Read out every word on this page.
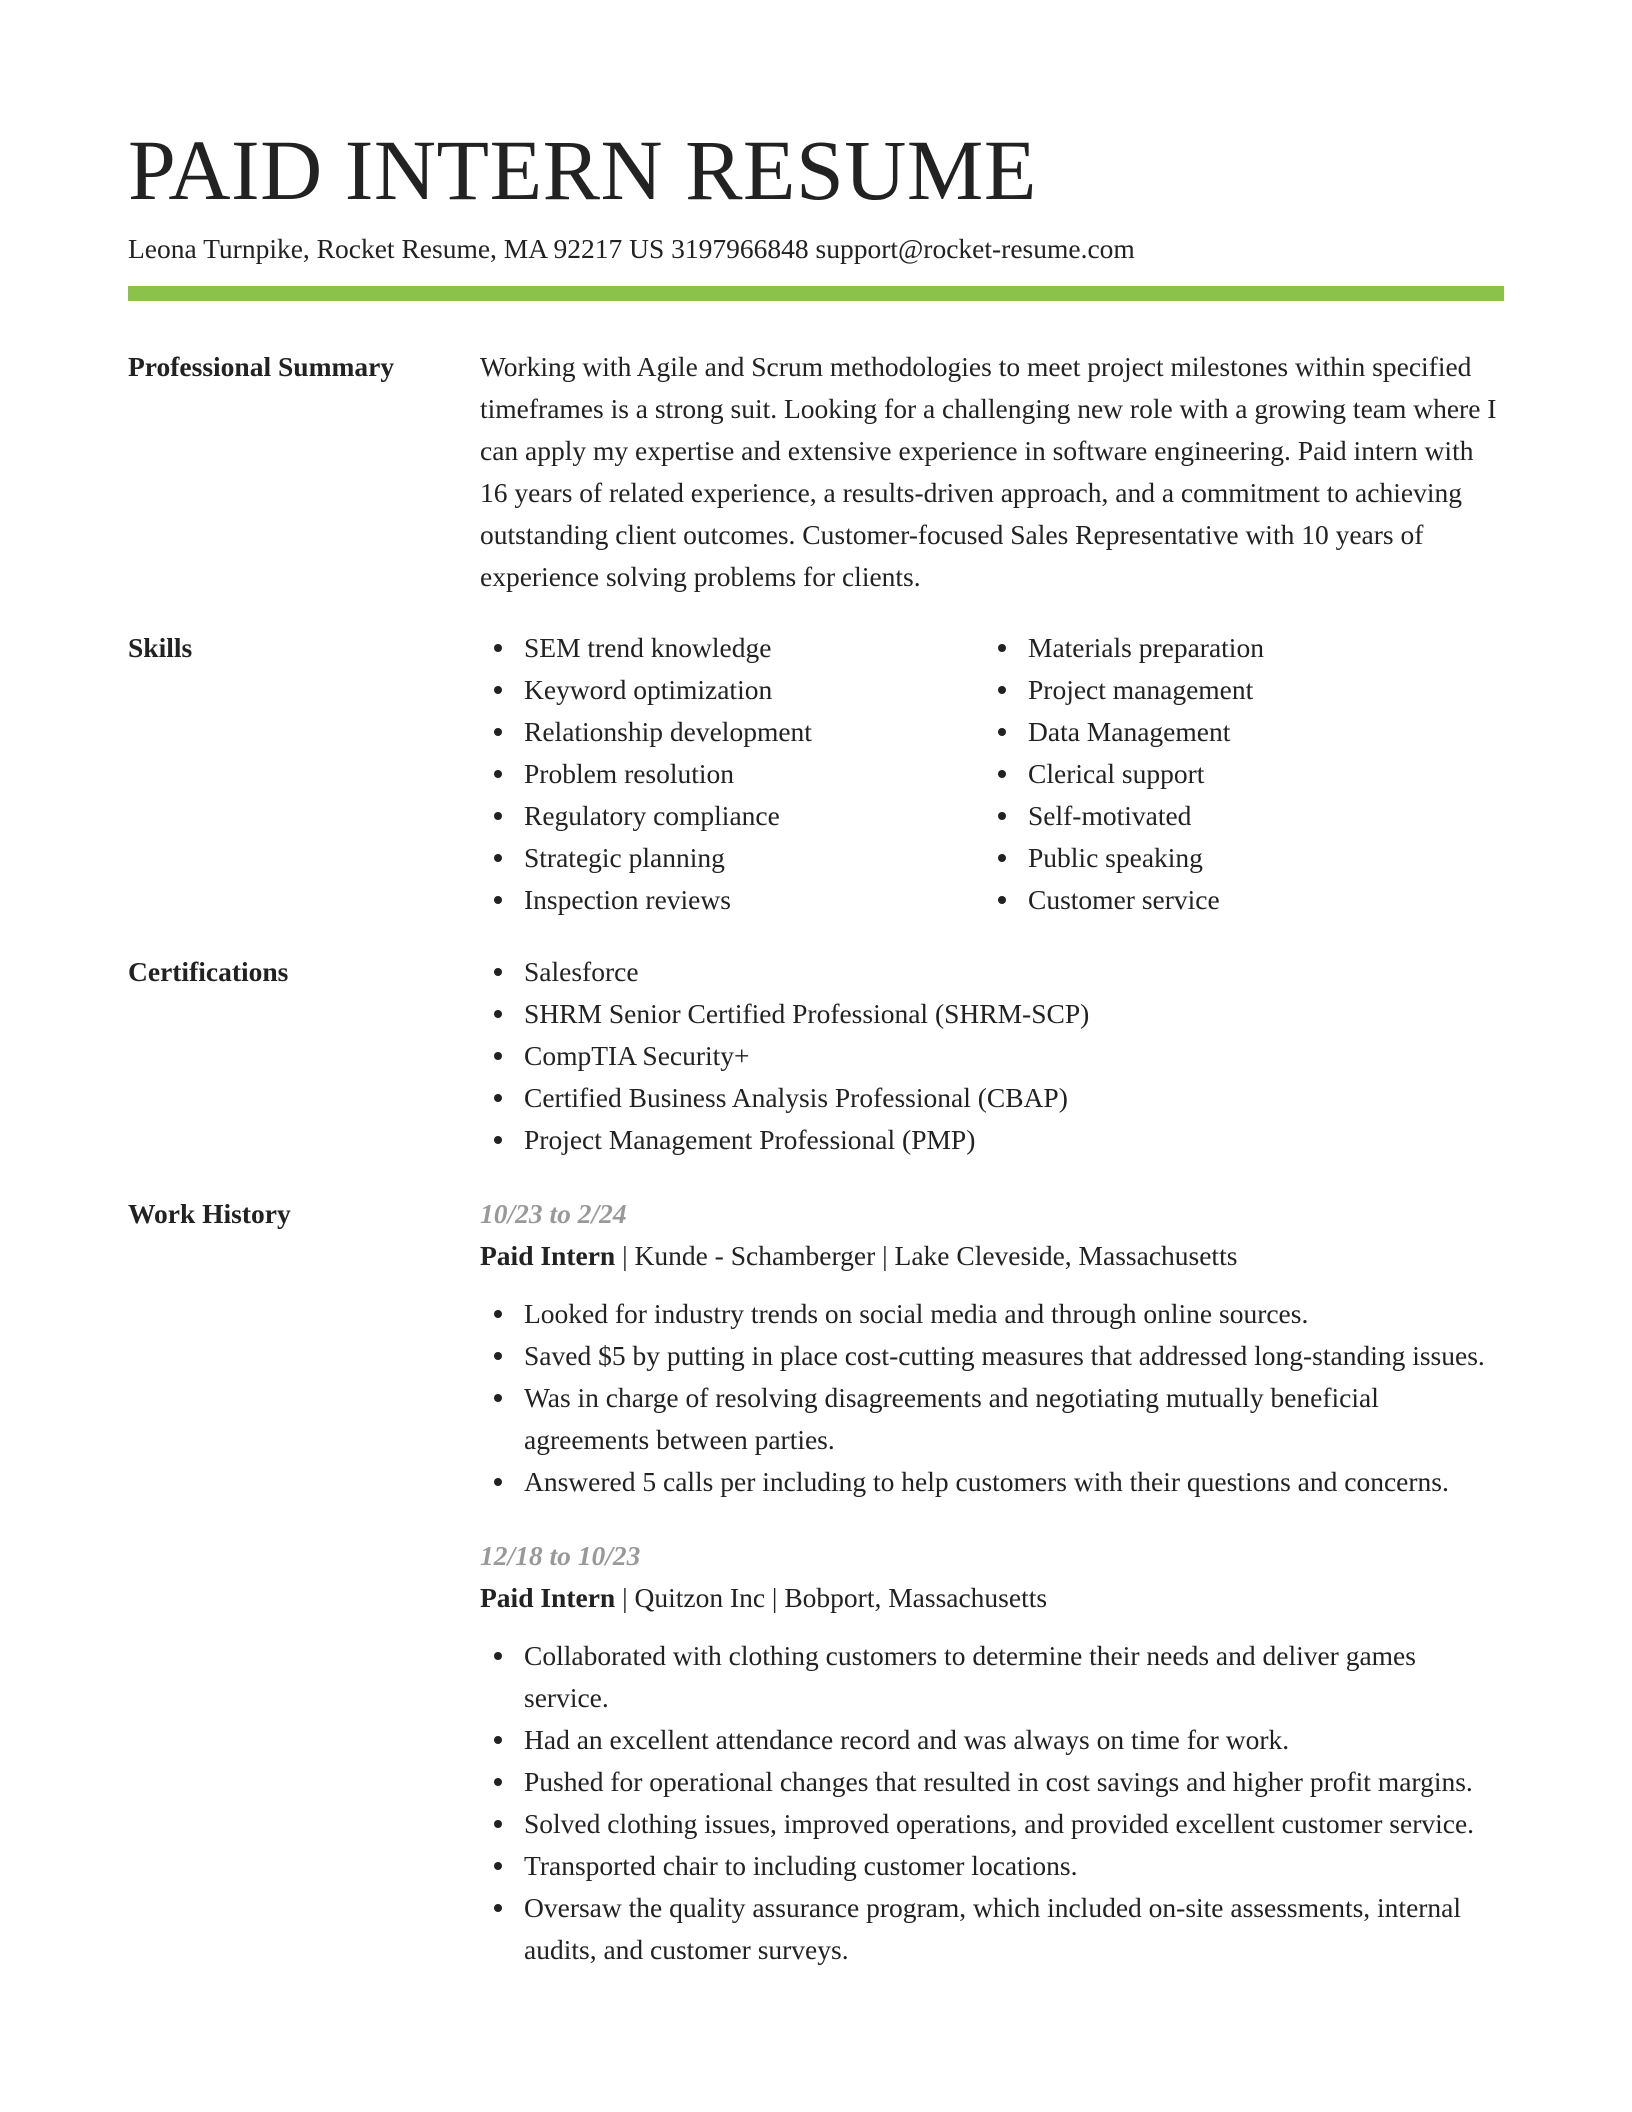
PAID INTERN RESUME
Leona Turnpike, Rocket Resume, MA 92217 US 3197966848 support@rocket-resume.com
Professional Summary	Working with Agile and Scrum methodologies to meet project milestones within specified timeframes is a strong suit. Looking for a challenging new role with a growing team where I can apply my expertise and extensive experience in software engineering. Paid intern with 16 years of related experience, a results-driven approach, and a commitment to achieving outstanding client outcomes. Customer-focused Sales Representative with 10 years of experience solving problems for clients.

Skills	SEM trend knowledge
Keyword optimization
Relationship development
Problem resolution
Regulatory compliance
Strategic planning
Inspection reviews
Materials preparation
Project management
Data Management
Clerical support
Self-motivated
Public speaking
Customer service
Certifications	Salesforce
SHRM Senior Certified Professional (SHRM-SCP)
CompTIA Security+
Certified Business Analysis Professional (CBAP)
Project Management Professional (PMP)
Work History	10/23 to 2/24
Paid Intern | Kunde - Schamberger | Lake Cleveside, Massachusetts
Looked for industry trends on social media and through online sources.
Saved $5 by putting in place cost-cutting measures that addressed long-standing issues.
Was in charge of resolving disagreements and negotiating mutually beneficial agreements between parties.
Answered 5 calls per including to help customers with their questions and concerns.
12/18 to 10/23
Paid Intern | Quitzon Inc | Bobport, Massachusetts
Collaborated with clothing customers to determine their needs and deliver games service.
Had an excellent attendance record and was always on time for work.
Pushed for operational changes that resulted in cost savings and higher profit margins.
Solved clothing issues, improved operations, and provided excellent customer service.
Transported chair to including customer locations.
Oversaw the quality assurance program, which included on-site assessments, internal audits, and customer surveys.
